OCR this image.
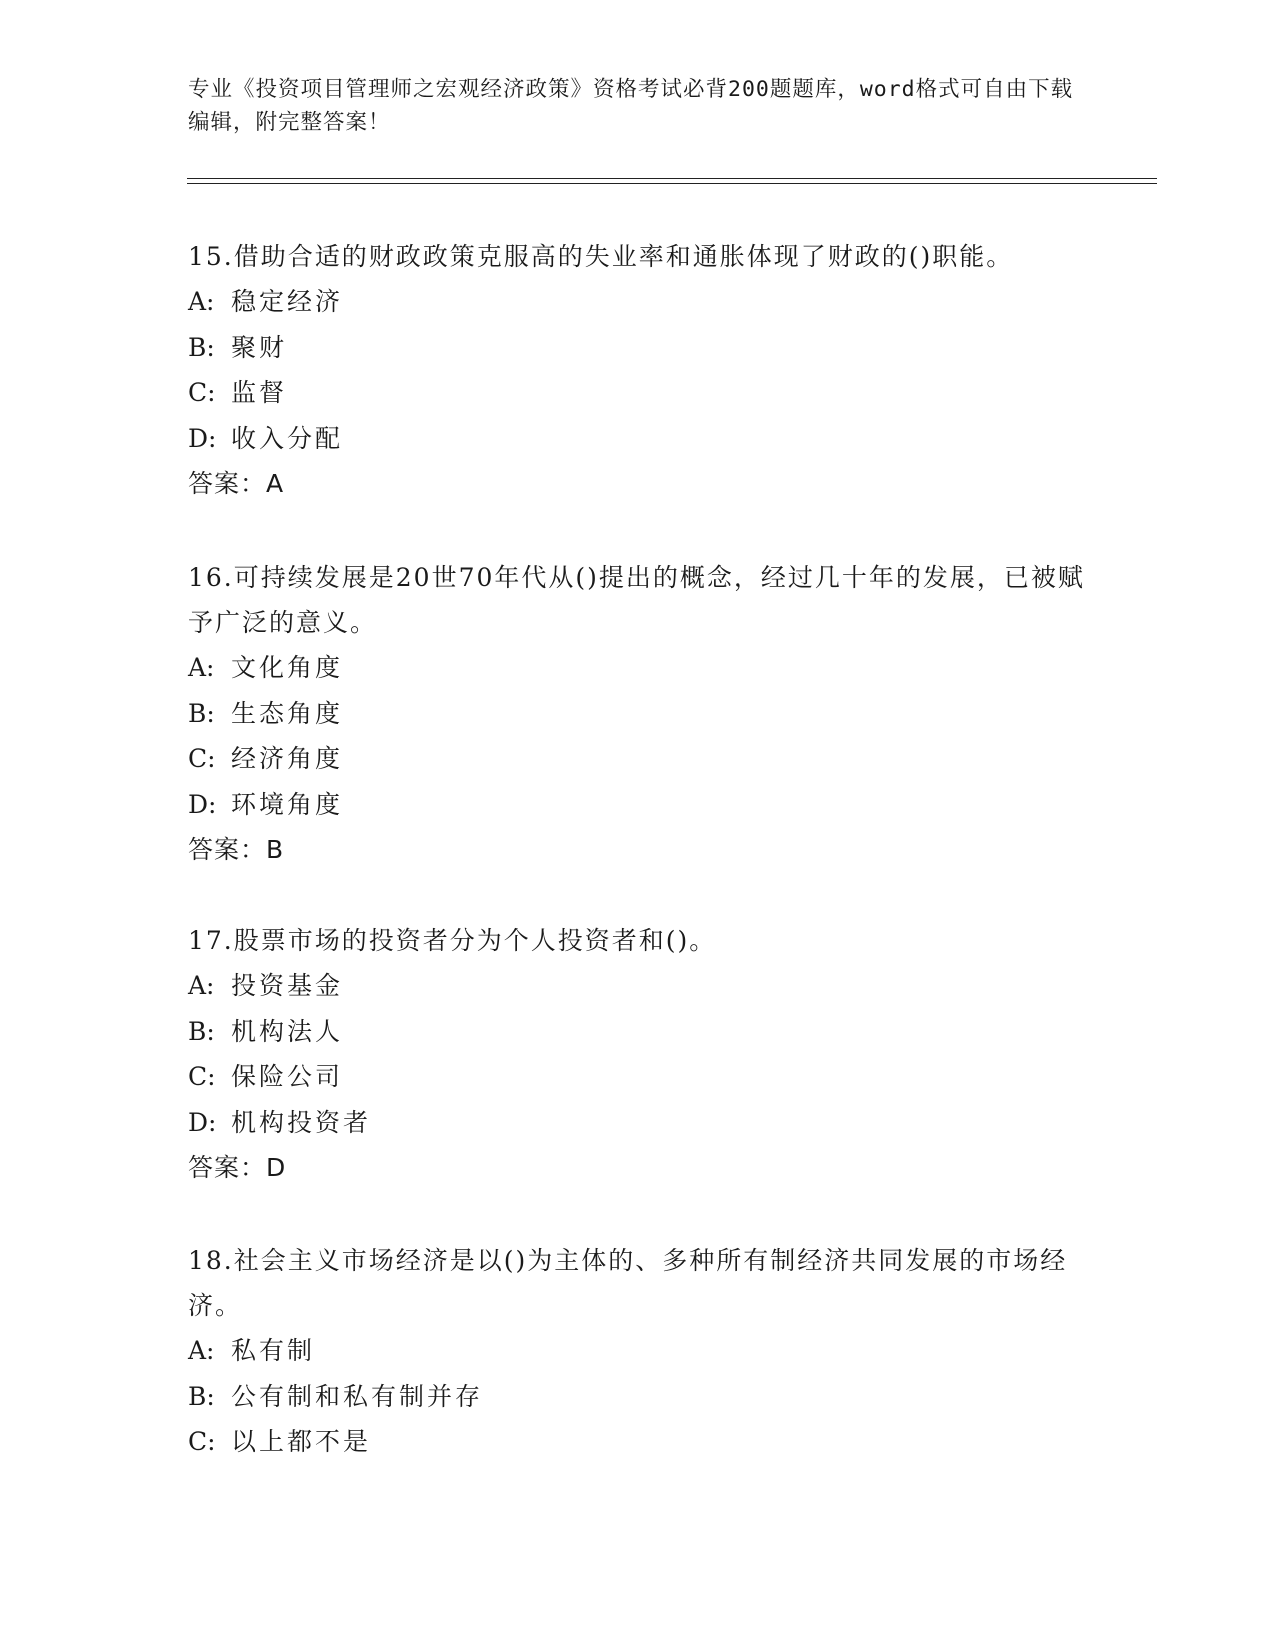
专业《投资项目管理师之宏观经济政策》资格考试必背200题题库，word格式可自由下载编辑，附完整答案！

15.借助合适的财政政策克服高的失业率和通胀体现了财政的()职能。

A: 稳定经济

B: 聚财

C: 监督

D: 收入分配

答案：A

16.可持续发展是20世70年代从()提出的概念，经过几十年的发展，已被赋予广泛的意义。

A: 文化角度

B: 生态角度

C: 经济角度

D: 环境角度

答案：B

17.股票市场的投资者分为个人投资者和()。

A: 投资基金

B: 机构法人

C: 保险公司

D: 机构投资者

答案：D

18.社会主义市场经济是以()为主体的、多种所有制经济共同发展的市场经济。

A: 私有制

B: 公有制和私有制并存

C: 以上都不是
